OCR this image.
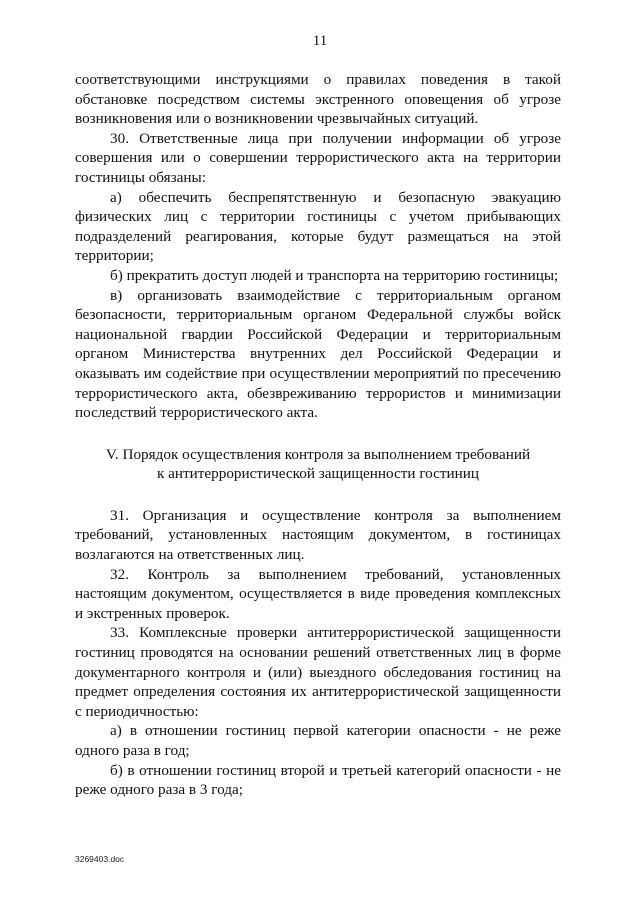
11

соответствующими инструкциями о правилах поведения в такой обстановке посредством системы экстренного оповещения об угрозе возникновения или о возникновении чрезвычайных ситуаций.

30. Ответственные лица при получении информации об угрозе совершения или о совершении террористического акта на территории гостиницы обязаны:

а) обеспечить беспрепятственную и безопасную эвакуацию физических лиц с территории гостиницы с учетом прибывающих подразделений реагирования, которые будут размещаться на этой территории;

б) прекратить доступ людей и транспорта на территорию гостиницы;

в) организовать взаимодействие с территориальным органом безопасности, территориальным органом Федеральной службы войск национальной гвардии Российской Федерации и территориальным органом Министерства внутренних дел Российской Федерации и оказывать им содействие при осуществлении мероприятий по пресечению террористического акта, обезвреживанию террористов и минимизации последствий террористического акта.

V. Порядок осуществления контроля за выполнением требований
к антитеррористической защищенности гостиниц

31. Организация и осуществление контроля за выполнением требований, установленных настоящим документом, в гостиницах возлагаются на ответственных лиц.

32. Контроль за выполнением требований, установленных настоящим документом, осуществляется в виде проведения комплексных и экстренных проверок.

33. Комплексные проверки антитеррористической защищенности гостиниц проводятся на основании решений ответственных лиц в форме документарного контроля и (или) выездного обследования гостиниц на предмет определения состояния их антитеррористической защищенности с периодичностью:

а) в отношении гостиниц первой категории опасности - не реже одного раза в год;

б) в отношении гостиниц второй и третьей категорий опасности - не реже одного раза в 3 года;

3269403.doc
